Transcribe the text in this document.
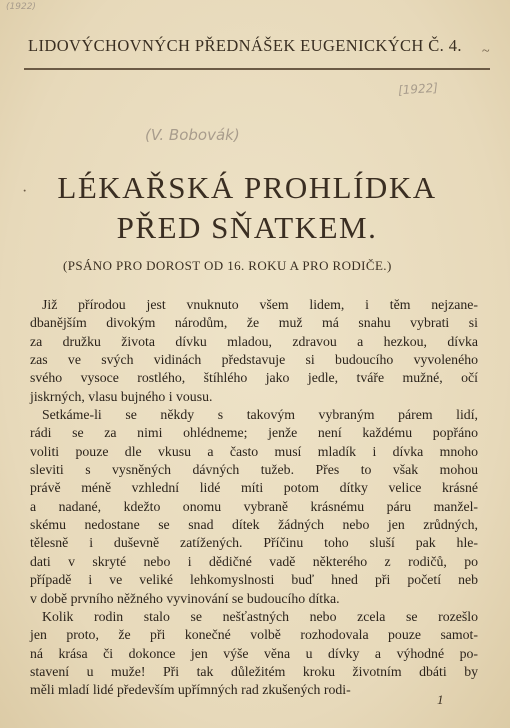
(1922)
LIDOVÝCHOVNÝCH PŘEDNÁŠEK EUGENICKÝCH Č. 4. ~
[1922]
(V. Bobovák)
· LÉKAŘSKÁ PROHLÍDKA
PŘED SŇATKEM.
(PSÁNO PRO DOROST OD 16. ROKU A PRO RODIČE.)
Již přírodou jest vnuknuto všem lidem, i těm nejzane-
dbanějším divokým národům, že muž má snahu vybrati si
za družku života dívku mladou, zdravou a hezkou, dívka
zas ve svých vidinách představuje si budoucího vyvoleného
svého vysoce rostlého, štíhlého jako jedle, tváře mužné, očí
jiskrných, vlasu bujného i vousu.
Setkáme-li se někdy s takovým vybraným párem lidí,
rádi se za nimi ohlédneme; jenže není každému popřáno
voliti pouze dle vkusu a často musí mladík i dívka mnoho
sleviti s vysněných dávných tužeb. Přes to však mohou
právě méně vzhlední lidé míti potom dítky velice krásné
a nadané, kdežto onomu vybraně krásnému páru manžel-
skému nedostane se snad dítek žádných nebo jen zrůdných,
tělesně i duševně zatížených. Příčinu toho sluší pak hle-
dati v skryté nebo i dědičné vadě některého z rodičů, po
případě i ve veliké lehkomyslnosti buď hned při početí neb
v době prvního něžného vyvinování se budoucího dítka.
Kolik rodin stalo se nešťastných nebo zcela se rozešlo
jen proto, že při konečné volbě rozhodovala pouze samot-
ná krása či dokonce jen výše věna u dívky a výhodné po-
stavení u muže! Při tak důležitém kroku životním dbáti by
měli mladí lidé především upřímných rad zkušených rodi-
1
